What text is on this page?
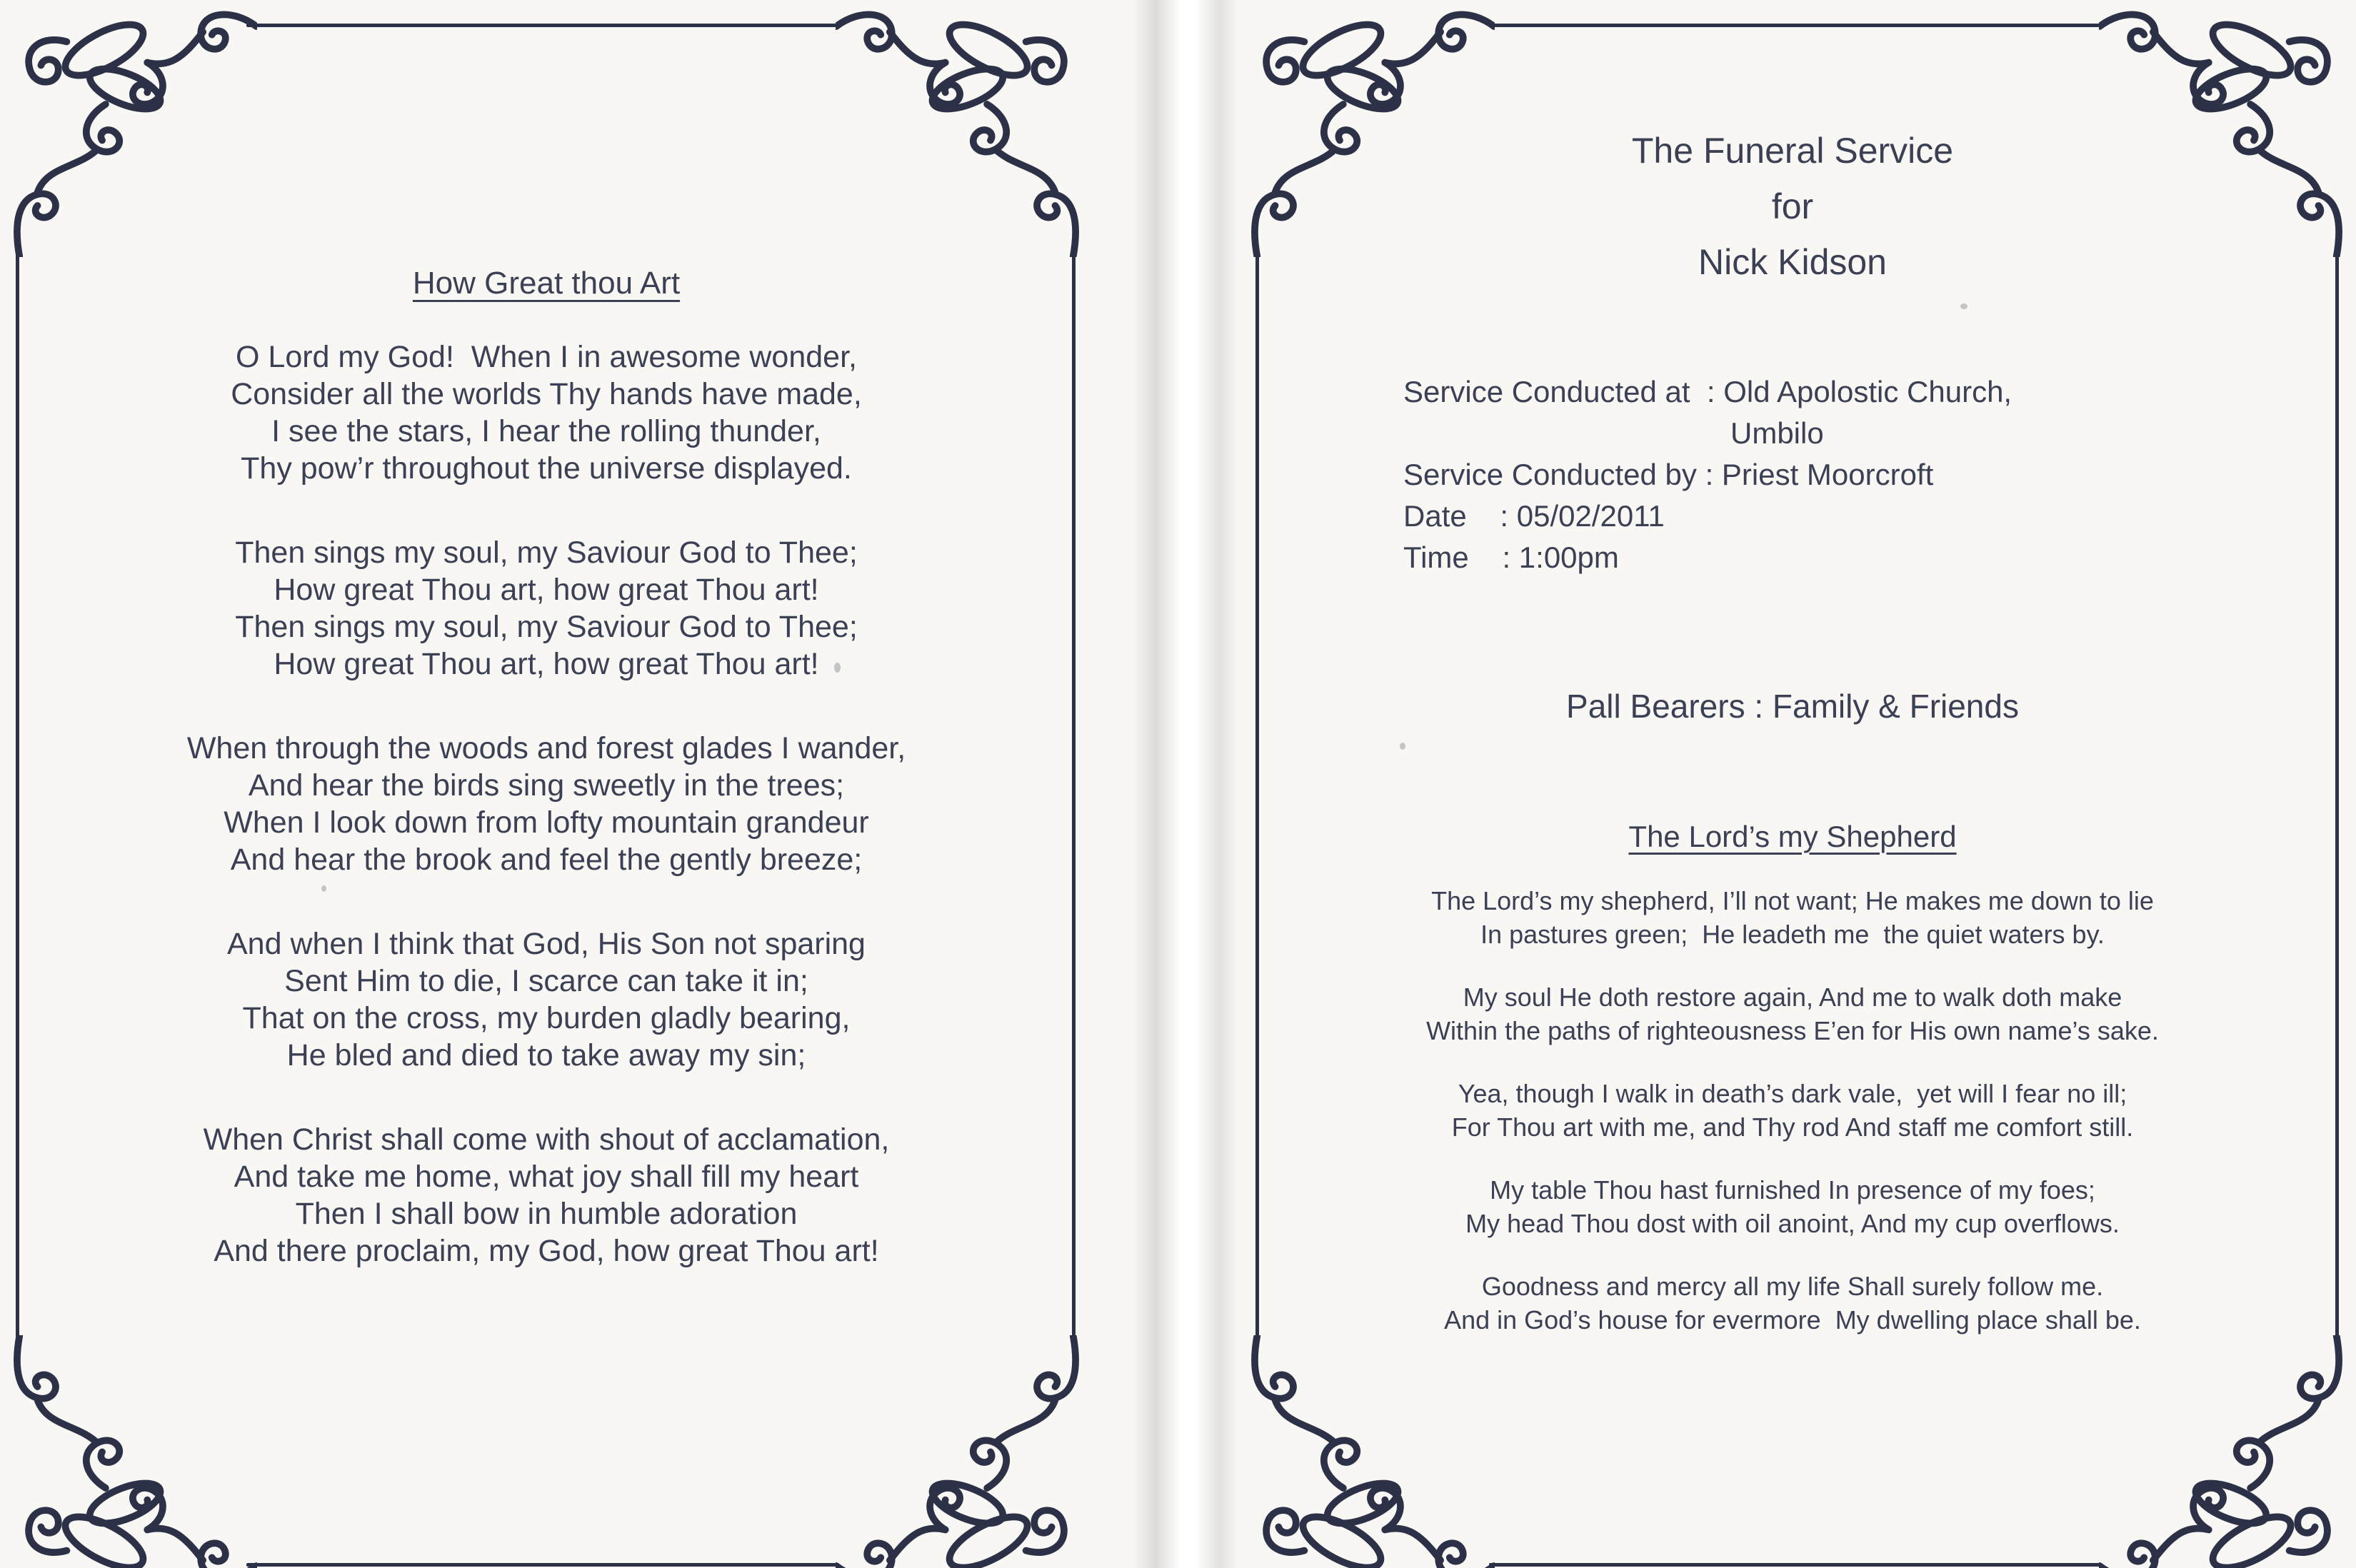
How Great thou Art
O Lord my God!  When I in awesome wonder,
Consider all the worlds Thy hands have made,
I see the stars, I hear the rolling thunder,
Thy pow’r throughout the universe displayed.
Then sings my soul, my Saviour God to Thee;
How great Thou art, how great Thou art!
Then sings my soul, my Saviour God to Thee;
How great Thou art, how great Thou art!
When through the woods and forest glades I wander,
And hear the birds sing sweetly in the trees;
When I look down from lofty mountain grandeur
And hear the brook and feel the gently breeze;
And when I think that God, His Son not sparing
Sent Him to die, I scarce can take it in;
That on the cross, my burden gladly bearing,
He bled and died to take away my sin;
When Christ shall come with shout of acclamation,
And take me home, what joy shall fill my heart
Then I shall bow in humble adoration
And there proclaim, my God, how great Thou art!
The Funeral Service
for
Nick Kidson
Service Conducted at  : Old Apolostic Church,
Umbilo
Service Conducted by : Priest Moorcroft
Date    : 05/02/2011
Time    : 1:00pm
Pall Bearers : Family & Friends
The Lord’s my Shepherd
The Lord’s my shepherd, I’ll not want; He makes me down to lie
In pastures green;  He leadeth me  the quiet waters by.
My soul He doth restore again, And me to walk doth make
Within the paths of righteousness E’en for His own name’s sake.
Yea, though I walk in death’s dark vale,  yet will I fear no ill;
For Thou art with me, and Thy rod And staff me comfort still.
My table Thou hast furnished In presence of my foes;
My head Thou dost with oil anoint, And my cup overflows.
Goodness and mercy all my life Shall surely follow me.
And in God’s house for evermore  My dwelling place shall be.
